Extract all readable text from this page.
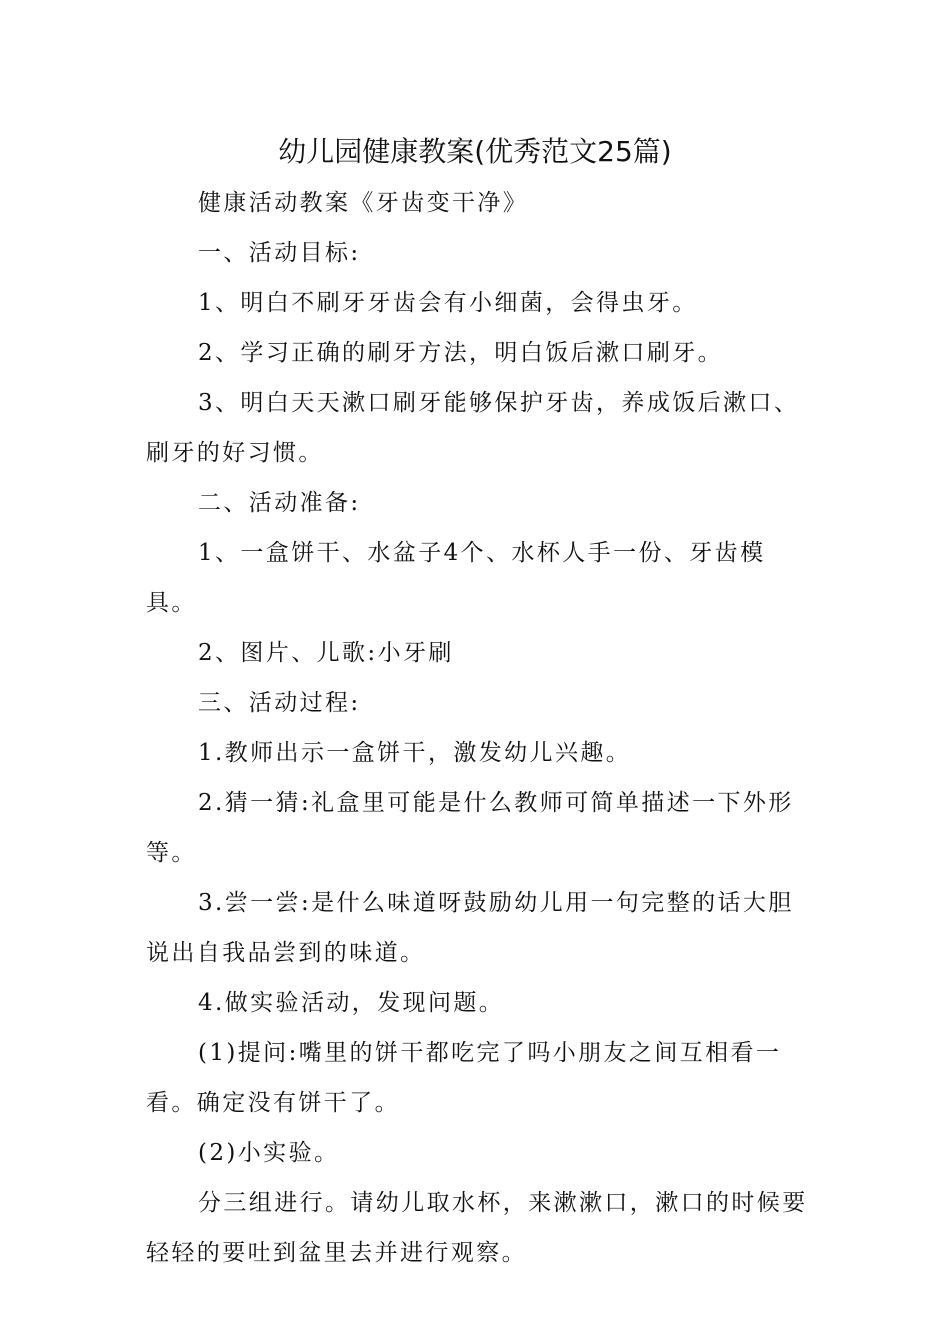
幼儿园健康教案(优秀范文25篇)

健康活动教案《牙齿变干净》

一、活动目标:

1、明白不刷牙牙齿会有小细菌，会得虫牙。

2、学习正确的刷牙方法，明白饭后漱口刷牙。

3、明白天天漱口刷牙能够保护牙齿，养成饭后漱口、刷牙的好习惯。

二、活动准备:

1、一盒饼干、水盆子4个、水杯人手一份、牙齿模具。

2、图片、儿歌:小牙刷

三、活动过程:

1.教师出示一盒饼干，激发幼儿兴趣。

2.猜一猜:礼盒里可能是什么教师可简单描述一下外形等。

3.尝一尝:是什么味道呀鼓励幼儿用一句完整的话大胆说出自我品尝到的味道。

4.做实验活动，发现问题。

(1)提问:嘴里的饼干都吃完了吗小朋友之间互相看一看。确定没有饼干了。

(2)小实验。

分三组进行。请幼儿取水杯，来漱漱口，漱口的时候要轻轻的要吐到盆里去并进行观察。
